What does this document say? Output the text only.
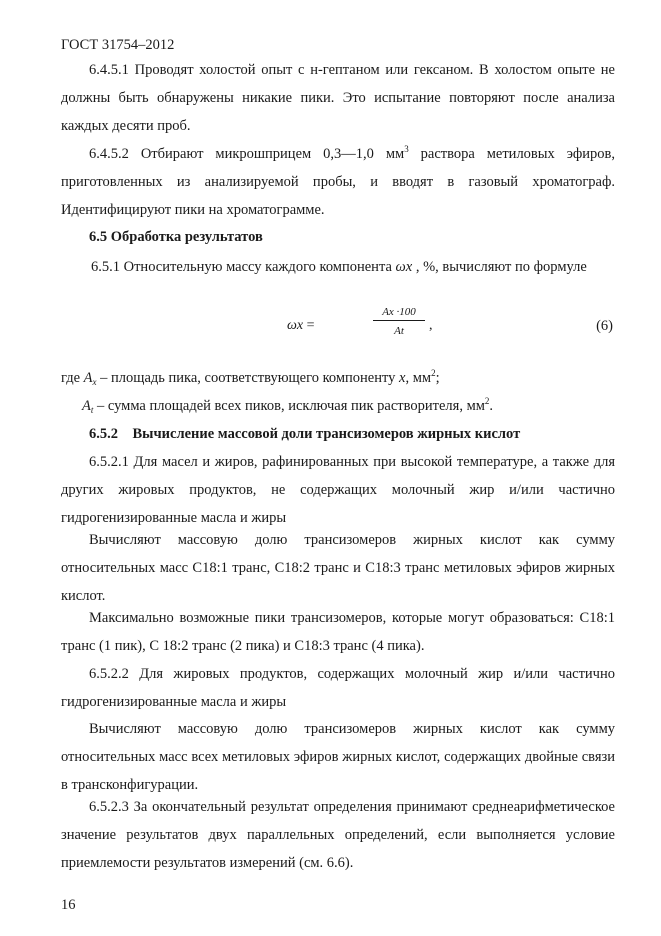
ГОСТ 31754–2012
6.4.5.1 Проводят холостой опыт с н-гептаном или гексаном. В холостом опыте не должны быть обнаружены никакие пики. Это испытание повторяют после анализа каждых десяти проб.
6.4.5.2 Отбирают микрошприцем 0,3—1,0 $мм^3$ раствора метиловых эфиров, приготовленных из анализируемой пробы, и вводят в газовый хроматограф. Идентифицируют пики на хроматограмме.
6.5 Обработка результатов
6.5.1 Относительную массу каждого компонента ωx , %, вычисляют по формуле
ωx =	$\frac{Ax \cdot 100}{At}$ ,	(6)
где $A_x$ – площадь пика, соответствующего компоненту x, $мм^2$;
$A_t$ – сумма площадей всех пиков, исключая пик растворителя, $мм^2$.
6.5.2    Вычисление массовой доли трансизомеров жирных кислот
6.5.2.1 Для масел и жиров, рафинированных при высокой температуре, а также для других жировых продуктов, не содержащих молочный жир и/или частично гидрогенизированные масла и жиры
Вычисляют массовую долю трансизомеров жирных кислот как сумму относительных масс С18:1 транс, С18:2 транс и С18:3 транс метиловых эфиров жирных кислот.
Максимально возможные пики трансизомеров, которые могут образоваться: С18:1 транс (1 пик), С 18:2 транс (2 пика) и С18:3 транс (4 пика).
6.5.2.2 Для жировых продуктов, содержащих молочный жир и/или частично гидрогенизированные масла и жиры
Вычисляют массовую долю трансизомеров жирных кислот как сумму относительных масс всех метиловых эфиров жирных кислот, содержащих двойные связи в трансконфигурации.
6.5.2.3 За окончательный результат определения принимают среднеарифметическое значение результатов двух параллельных определений, если выполняется условие приемлемости результатов измерений (см. 6.6).
16
